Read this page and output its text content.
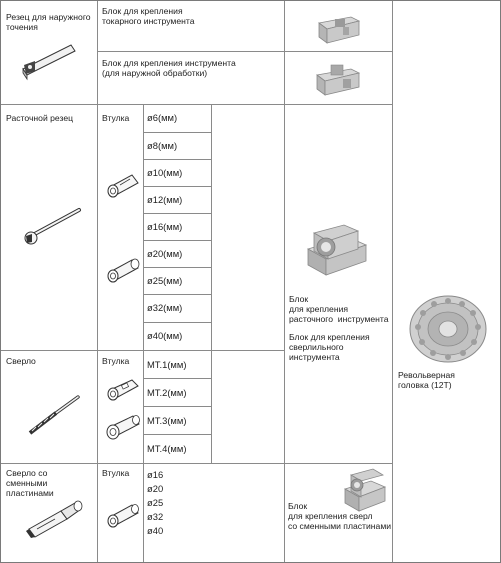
Резец для наружного
точения
Блок для крепления
токарного инструмента
Блок для крепления инструмента
(для наружной обработки)
Расточной резец	Втулка ø6(мм)
ø8(мм)
ø10(мм)
ø12(мм)
ø16(мм)
ø20(мм)
ø25(мм)
ø32(мм)
ø40(мм)
Блок
для крепления
расточного  инструмента
Блок для крепления
сверлильного
инструмента
Сверло	Втулка МТ.1(мм)
МТ.2(мм)
МТ.3(мм)
МТ.4(мм)
Сверло со
сменными
пластинами
Втулка ø16
ø20
ø25
ø32
ø40
Блок
для крепления сверл
со сменными пластинами
Револьверная
головка (12T)
